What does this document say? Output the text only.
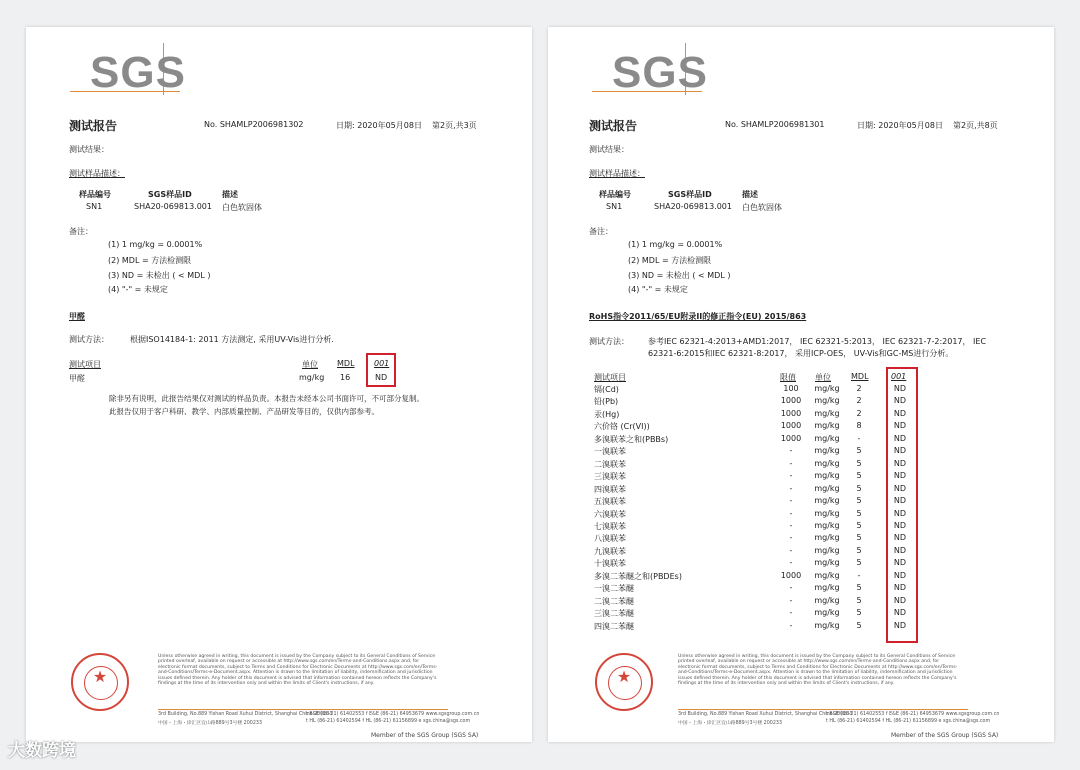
SGS
测试报告	No. SHAMLP2006981302	日期: 2020年05月08日 第2页,共3页
测试结果：
测试样品描述：
样品编号	SGS样品ID	描述
SN1	SHA20-069813.001 白色软固体
备注：
(1) 1 mg/kg = 0.0001%
(2) MDL = 方法检测限
(3) ND = 未检出 ( < MDL )
(4) "-" = 未规定
甲醛
测试方法：	根据ISO14184-1: 2011 方法测定, 采用UV-Vis进行分析.
测试项目	单位 MDL 001
甲醛	mg/kg 16	ND
除非另有说明，此报告结果仅对测试的样品负责。本报告未经本公司书面许可，不可部分复制。
此报告仅用于客户科研、教学、内部质量控制、产品研发等目的，仅供内部参考。
★
Unless otherwise agreed in writing, this document is issued by the Company subject to its General Conditions of Service printed overleaf, available on request or accessible at http://www.sgs.com/en/Terms-and-Conditions.aspx and, for electronic format documents, subject to Terms and Conditions for Electronic Documents at http://www.sgs.com/en/Terms-and-Conditions/Terms-e-Document.aspx. Attention is drawn to the limitation of liability, indemnification and jurisdiction issues defined therein. Any holder of this document is advised that information contained hereon reflects the Company's findings at the time of its intervention only and within the limits of Client's instructions, if any.
3rd Building, No.889 Yishan Road Xuhui District, Shanghai China 200233
中国・上海・徐汇区宜山路889号3号楼 200233
t E&E (86-21) 61402553 f E&E (86-21) 64953679 www.sgsgroup.com.cn
t HL (86-21) 61402594 f HL (86-21) 61156899 e sgs.china@sgs.com
Member of the SGS Group (SGS SA)
SGS
测试报告	No. SHAMLP2006981301	日期: 2020年05月08日 第2页,共8页
测试结果：
测试样品描述：
样品编号	SGS样品ID	描述
SN1	SHA20-069813.001 白色软固体
备注：
(1) 1 mg/kg = 0.0001%
(2) MDL = 方法检测限
(3) ND = 未检出 ( < MDL )
(4) "-" = 未规定
RoHS指令2011/65/EU附录II的修正指令(EU) 2015/863
测试方法： 参考IEC 62321-4:2013+AMD1:2017， IEC 62321-5:2013， IEC 62321-7-2:2017， IEC
62321-6:2015和IEC 62321-8:2017， 采用ICP-OES， UV-Vis和GC-MS进行分析。
测试项目	限值 单位	MDL	001
镉(Cd)	100	mg/kg	2	ND
铅(Pb)	1000	mg/kg	2	ND
汞(Hg)	1000	mg/kg	2	ND
六价铬 (Cr(VI))	1000	mg/kg	8	ND
多溴联苯之和(PBBs)	1000	mg/kg	-	ND
一溴联苯	-	mg/kg	5	ND
二溴联苯	-	mg/kg	5	ND
三溴联苯	-	mg/kg	5	ND
四溴联苯	-	mg/kg	5	ND
五溴联苯	-	mg/kg	5	ND
六溴联苯	-	mg/kg	5	ND
七溴联苯	-	mg/kg	5	ND
八溴联苯	-	mg/kg	5	ND
九溴联苯	-	mg/kg	5	ND
十溴联苯	-	mg/kg	5	ND
多溴二苯醚之和(PBDEs)	1000	mg/kg	-	ND
一溴二苯醚	-	mg/kg	5	ND
二溴二苯醚	-	mg/kg	5	ND
三溴二苯醚	-	mg/kg	5	ND
四溴二苯醚	-	mg/kg	5	ND
★
Unless otherwise agreed in writing, this document is issued by the Company subject to its General Conditions of Service printed overleaf, available on request or accessible at http://www.sgs.com/en/Terms-and-Conditions.aspx and, for electronic format documents, subject to Terms and Conditions for Electronic Documents at http://www.sgs.com/en/Terms-and-Conditions/Terms-e-Document.aspx. Attention is drawn to the limitation of liability, indemnification and jurisdiction issues defined therein. Any holder of this document is advised that information contained hereon reflects the Company's findings at the time of its intervention only and within the limits of Client's instructions, if any.
3rd Building, No.889 Yishan Road Xuhui District, Shanghai China 200233
中国・上海・徐汇区宜山路889号3号楼 200233
t E&E (86-21) 61402553 f E&E (86-21) 64953679 www.sgsgroup.com.cn
t HL (86-21) 61402594 f HL (86-21) 61156899 e sgs.china@sgs.com
Member of the SGS Group (SGS SA)
大数跨境
